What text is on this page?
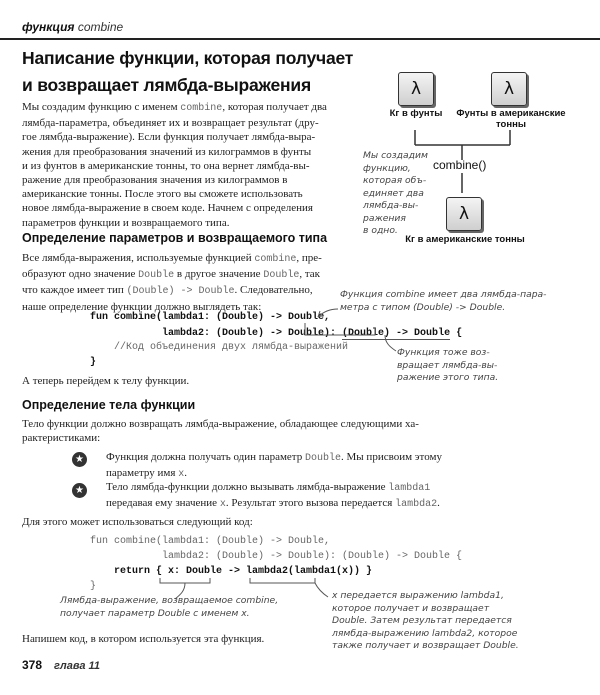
функция combine
Написание функции, которая получает
и возвращает лямбда-выражения
Мы создадим функцию с именем combine, которая получает два
лямбда-параметра, объединяет их и возвращает результат (дру-
гое лямбда-выражение). Если функция получает лямбда-выра-
жения для преобразования значений из килограммов в фунты
и из фунтов в американские тонны, то она вернет лямбда-вы-
ражение для преобразования значения из килограммов в
американские тонны. После этого вы сможете использовать
новое лямбда-выражение в своем коде. Начнем с определения
параметров функции и возвращаемого типа.
λ
Кг в фунты
λ
Фунты в американские
тонны
combine()
λ
Кг в американские тонны
Мы создадим
функцию,
которая объ-
единяет два
лямбда-вы-
ражения
в одно.
Определение параметров и возвращаемого типа
Все лямбда-выражения, используемые функцией combine, пре-
образуют одно значение Double в другое значение Double, так
что каждое имеет тип (Double) -> Double. Следовательно,
наше определение функции должно выглядеть так:
fun combine(lambda1: (Double) -> Double,
lambda2: (Double) -> Double): (Double) -> Double {
//Код объединения двух лямбда-выражений
}
Функция combine имеет два лямбда-пара-
метра с типом (Double) -> Double.
Функция тоже воз-
вращает лямбда-вы-
ражение этого типа.
А теперь перейдем к телу функции.
Определение тела функции
Тело функции должно возвращать лямбда-выражение, обладающее следующими ха-
рактеристиками:
★ Функция должна получать один параметр Double. Мы присвоим этому
параметру имя x.
★ Тело лямбда-функции должно вызывать лямбда-выражение lambda1
передавая ему значение x. Результат этого вызова передается lambda2.
Для этого может использоваться следующий код:
fun combine(lambda1: (Double) -> Double,
lambda2: (Double) -> Double): (Double) -> Double {
return { x: Double -> lambda2(lambda1(x)) }
}
Лямбда-выражение, возвращаемое combine,
получает параметр Double с именем x.
x передается выражению lambda1,
которое получает и возвращает
Double. Затем результат передается
лямбда-выражению lambda2, которое
также получает и возвращает Double.
Напишем код, в котором используется эта функция.
378 глава 11
